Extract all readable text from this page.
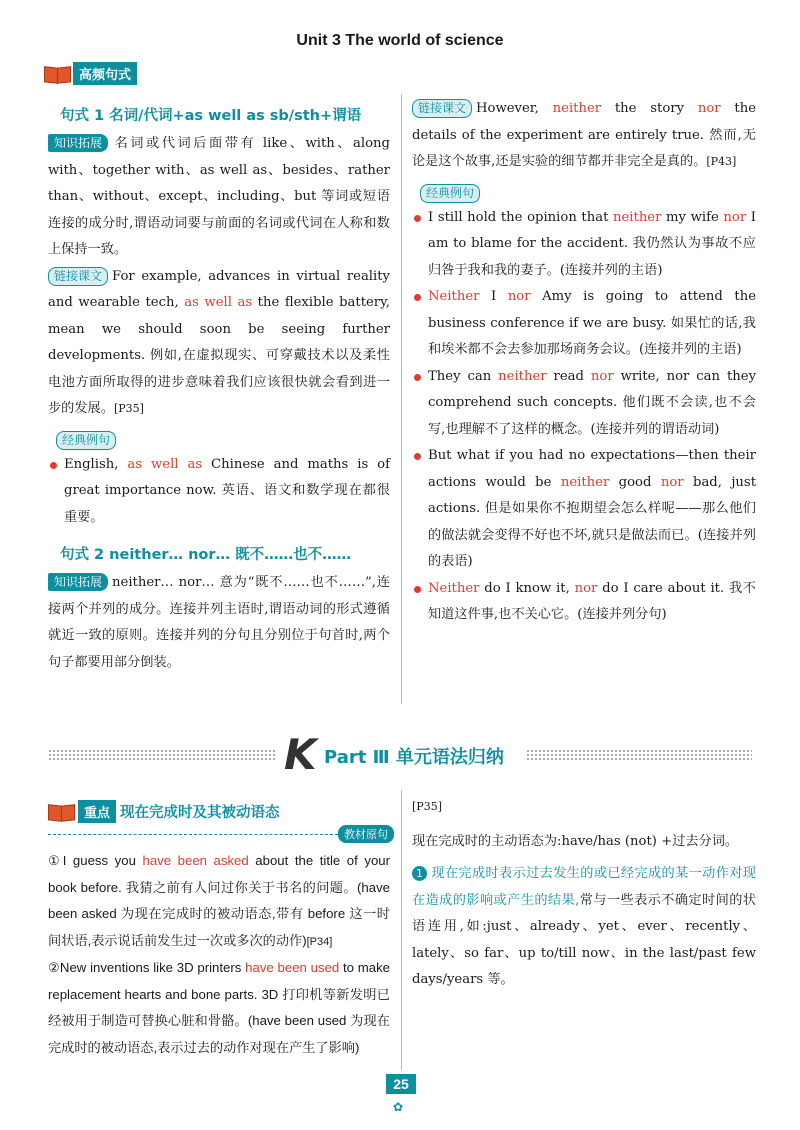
Unit 3 The world of science
高频句式
句式 1 名词/代词+as well as sb/sth+谓语

知识拓展 名词或代词后面带有 like、with、along with、together with、as well as、besides、rather than、without、except、including、but 等词或短语连接的成分时,谓语动词要与前面的名词或代词在人称和数上保持一致。

链接课文 For example, advances in virtual reality and wearable tech, as well as the flexible battery, mean we should soon be seeing further developments. 例如,在虚拟现实、可穿戴技术以及柔性电池方面所取得的进步意味着我们应该很快就会看到进一步的发展。[P35]

经典例句
English, as well as Chinese and maths is of great importance now. 英语、语文和数学现在都很重要。
句式 2 neither… nor… 既不……也不……

知识拓展 neither… nor… 意为“既不……也不……”,连接两个并列的成分。连接并列主语时,谓语动词的形式遵循就近一致的原则。连接并列的分句且分别位于句首时,两个句子都要用部分倒装。

链接课文 However, neither the story nor the details of the experiment are entirely true. 然而,无论是这个故事,还是实验的细节都并非完全是真的。[P43]

经典例句
I still hold the opinion that neither my wife nor I am to blame for the accident. 我仍然认为事故不应归咎于我和我的妻子。(连接并列的主语)
Neither I nor Amy is going to attend the business conference if we are busy. 如果忙的话,我和埃米都不会去参加那场商务会议。(连接并列的主语)
They can neither read nor write, nor can they comprehend such concepts. 他们既不会读,也不会写,也理解不了这样的概念。(连接并列的谓语动词)
But what if you had no expectations—then their actions would be neither good nor bad, just actions. 但是如果你不抱期望会怎么样呢——那么他们的做法就会变得不好也不坏,就只是做法而已。(连接并列的表语)
Neither do I know it, nor do I care about it. 我不知道这件事,也不关心它。(连接并列分句)
K Part Ⅲ 单元语法归纳
重点 现在完成时及其被动语态
教材原句

①I guess you have been asked about the title of your book before. 我猜之前有人问过你关于书名的问题。(have been asked 为现在完成时的被动语态,带有 before 这一时间状语,表示说话前发生过一次或多次的动作)[P34]

②New inventions like 3D printers have been used to make replacement hearts and bone parts. 3D 打印机等新发明已经被用于制造可替换心脏和骨骼。(have been used 为现在完成时的被动语态,表示过去的动作对现在产生了影响)

[P35]

现在完成时的主动语态为:have/has (not) +过去分词。

1 现在完成时表示过去发生的或已经完成的某一动作对现在造成的影响或产生的结果,常与一些表示不确定时间的状语连用,如:just、already、yet、ever、recently、lately、so far、up to/till now、in the last/past few days/years 等。

25
✿
